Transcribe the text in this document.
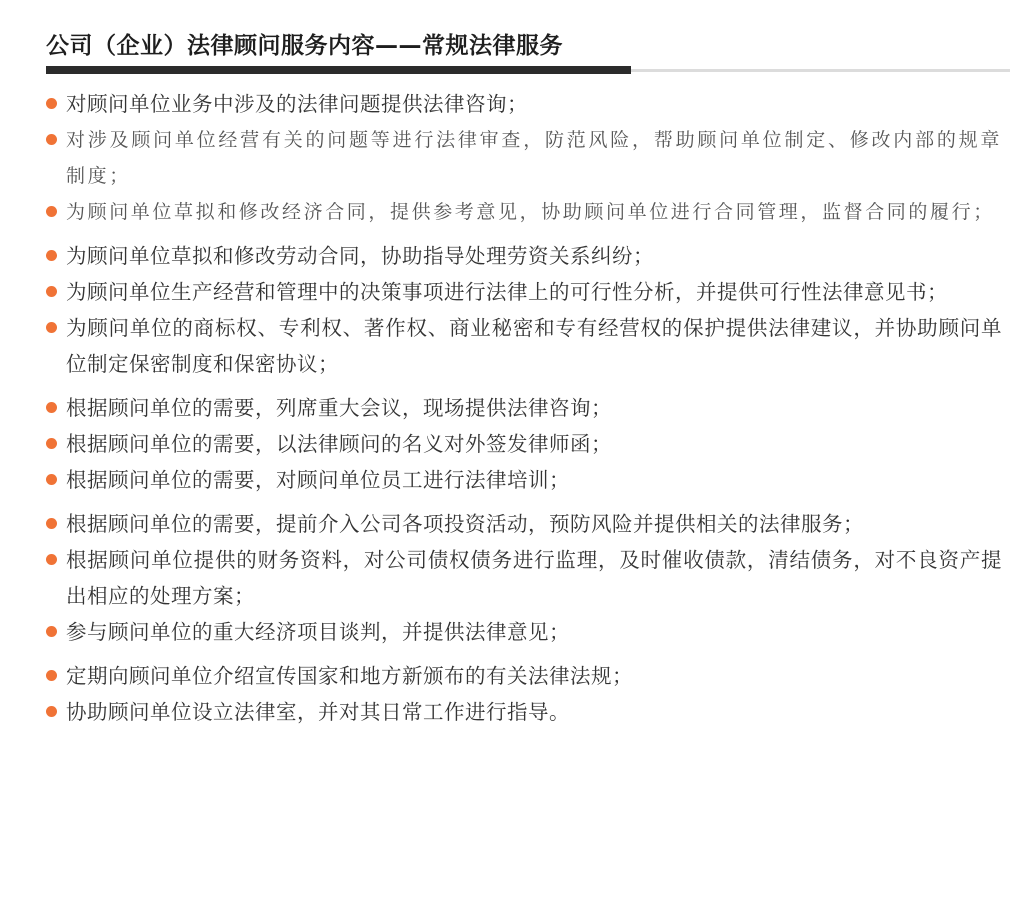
公司（企业）法律顾问服务内容——常规法律服务
对顾问单位业务中涉及的法律问题提供法律咨询；
对涉及顾问单位经营有关的问题等进行法律审查，防范风险，帮助顾问单位制定、修改内部的规章制度；
为顾问单位草拟和修改经济合同，提供参考意见，协助顾问单位进行合同管理，监督合同的履行；
为顾问单位草拟和修改劳动合同，协助指导处理劳资关系纠纷；
为顾问单位生产经营和管理中的决策事项进行法律上的可行性分析，并提供可行性法律意见书；
为顾问单位的商标权、专利权、著作权、商业秘密和专有经营权的保护提供法律建议，并协助顾问单位制定保密制度和保密协议；
根据顾问单位的需要，列席重大会议，现场提供法律咨询；
根据顾问单位的需要，以法律顾问的名义对外签发律师函；
根据顾问单位的需要，对顾问单位员工进行法律培训；
根据顾问单位的需要，提前介入公司各项投资活动，预防风险并提供相关的法律服务；
根据顾问单位提供的财务资料，对公司债权债务进行监理，及时催收债款，清结债务，对不良资产提出相应的处理方案；
参与顾问单位的重大经济项目谈判，并提供法律意见；
定期向顾问单位介绍宣传国家和地方新颁布的有关法律法规；
协助顾问单位设立法律室，并对其日常工作进行指导。
